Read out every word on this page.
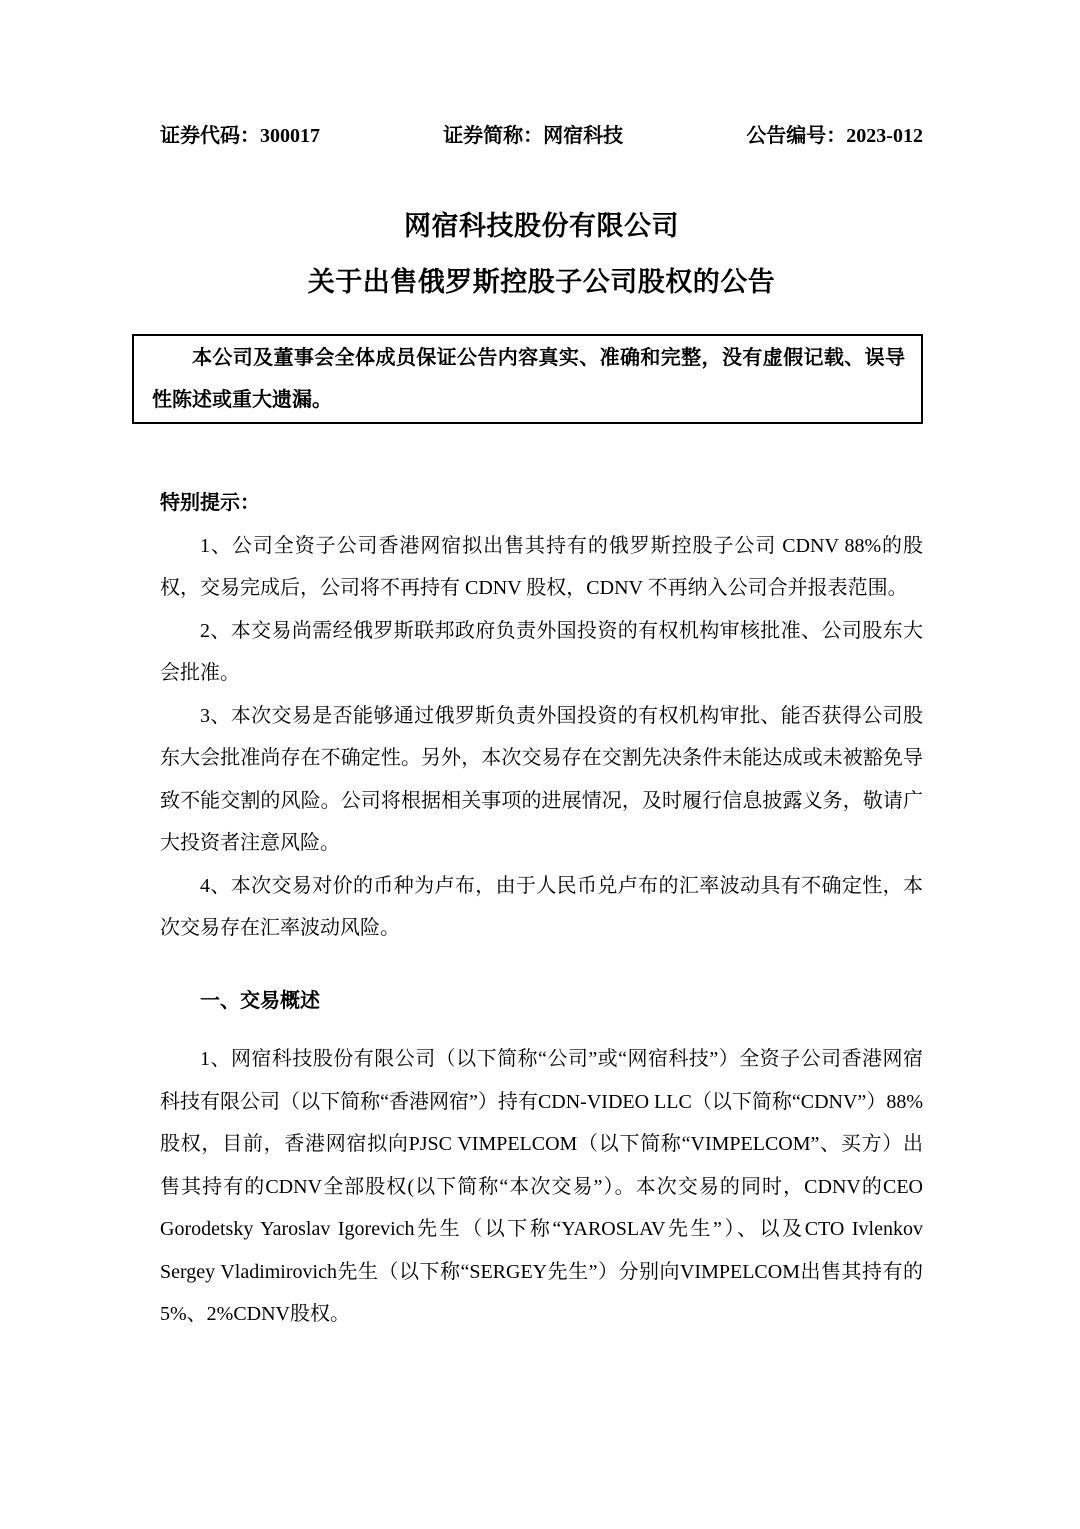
证券代码：300017	证券简称：网宿科技	公告编号：2023-012
网宿科技股份有限公司
关于出售俄罗斯控股子公司股权的公告

本公司及董事会全体成员保证公告内容真实、准确和完整，没有虚假记载、误导性陈述或重大遗漏。

特别提示：

1、公司全资子公司香港网宿拟出售其持有的俄罗斯控股子公司 CDNV 88%的股权，交易完成后，公司将不再持有 CDNV 股权，CDNV 不再纳入公司合并报表范围。

2、本交易尚需经俄罗斯联邦政府负责外国投资的有权机构审核批准、公司股东大会批准。

3、本次交易是否能够通过俄罗斯负责外国投资的有权机构审批、能否获得公司股东大会批准尚存在不确定性。另外，本次交易存在交割先决条件未能达成或未被豁免导致不能交割的风险。公司将根据相关事项的进展情况，及时履行信息披露义务，敬请广大投资者注意风险。

4、本次交易对价的币种为卢布，由于人民币兑卢布的汇率波动具有不确定性，本次交易存在汇率波动风险。

一、交易概述

1、网宿科技股份有限公司（以下简称“公司”或“网宿科技”）全资子公司香港网宿科技有限公司（以下简称“香港网宿”）持有CDN-VIDEO LLC（以下简称“CDNV”）88%股权，目前，香港网宿拟向PJSC VIMPELCOM（以下简称“VIMPELCOM”、买方）出售其持有的CDNV全部股权(以下简称“本次交易”）。本次交易的同时，CDNV的CEO Gorodetsky Yaroslav Igorevich先生（以下称“YAROSLAV先生”）、以及CTO Ivlenkov Sergey Vladimirovich先生（以下称“SERGEY先生”）分别向VIMPELCOM出售其持有的5%、2%CDNV股权。
